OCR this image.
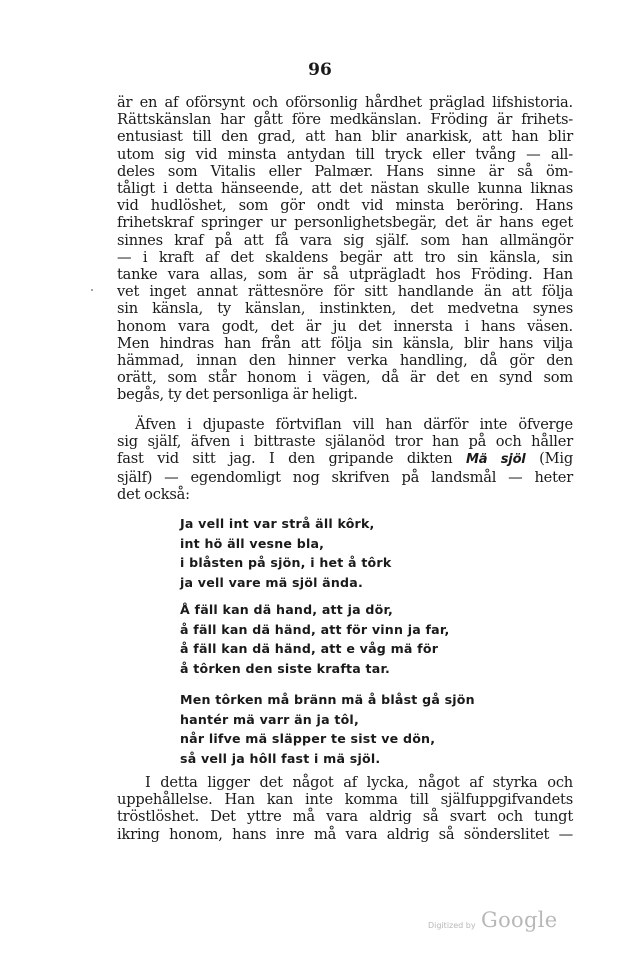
96
är en af oförsynt och oförsonlig hårdhet präglad lifshistoria.
Rättskänslan har gått före medkänslan. Fröding är frihets-
entusiast till den grad, att han blir anarkisk, att han blir
utom sig vid minsta antydan till tryck eller tvång — all-
deles som Vitalis eller Palmær. Hans sinne är så öm-
tåligt i detta hänseende, att det nästan skulle kunna liknas
vid hudlöshet, som gör ondt vid minsta beröring. Hans
frihetskraf springer ur personlighetsbegär, det är hans eget
sinnes kraf på att få vara sig själf. som han allmängör
— i kraft af det skaldens begär att tro sin känsla, sin
tanke vara allas, som är så utprägladt hos Fröding. Han
vet inget annat rättesnöre för sitt handlande än att följa
sin känsla, ty känslan, instinkten, det medvetna synes
honom vara godt, det är ju det innersta i hans väsen.
Men hindras han från att följa sin känsla, blir hans vilja
hämmad, innan den hinner verka handling, då gör den
orätt, som står honom i vägen, då är det en synd som
begås, ty det personliga är heligt.
Äfven i djupaste förtviflan vill han därför inte öfverge
sig själf, äfven i bittraste själanöd tror han på och håller
fast vid sitt jag. I den gripande dikten Mä sjöl (Mig
själf) — egendomligt nog skrifven på landsmål — heter
det också:
Ja vell int var strå äll kôrk,
int hö äll vesne bla,
i blåsten på sjön, i het å tôrk
ja vell vare mä sjöl ända.
Å fäll kan dä hand, att ja dör,
å fäll kan dä händ, att för vinn ja far,
å fäll kan dä händ, att e våg mä för
å tôrken den siste krafta tar.
Men tôrken må bränn mä å blåst gå sjön
hantér mä varr än ja tôl,
når lifve mä släpper te sist ve dön,
så vell ja hôll fast i mä sjöl.
I detta ligger det något af lycka, något af styrka och
uppehållelse. Han kan inte komma till själfuppgifvandets
tröstlöshet. Det yttre må vara aldrig så svart och tungt
ikring honom, hans inre må vara aldrig så sönderslitet —
Digitized by Google
